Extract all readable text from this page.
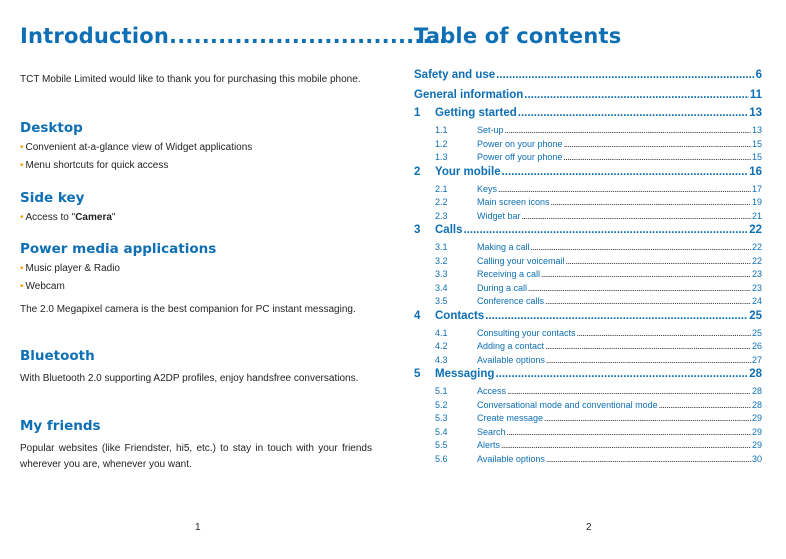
Introduction..................................

TCT Mobile Limited would like to thank you for purchasing this mobile phone.

Desktop

• Convenient at-a-glance view of Widget applications

• Menu shortcuts for quick access

Side key

• Access to "Camera"

Power media applications

• Music player & Radio

• Webcam

The 2.0 Megapixel camera is the best companion for PC instant messaging.

Bluetooth

With Bluetooth 2.0 supporting A2DP profiles, enjoy handsfree conversations.

My friends

Popular websites (like Friendster, hi5, etc.) to stay in touch with your friends wherever you are, whenever you want.

1
Table of contents
Safety and use .....	6
General information .....	11
1	Getting started .....	13
1.1	Set-up .....	13
1.2	Power on your phone .....	15
1.3	Power off your phone .....	15
2	Your mobile .....	16
2.1	Keys .....	17
2.2	Main screen icons .....	19
2.3	Widget bar .....	21
3	Calls .....	22
3.1	Making a call .....	22
3.2	Calling your voicemail .....	22
3.3	Receiving a call .....	23
3.4	During a call .....	23
3.5	Conference calls .....	24
4	Contacts .....	25
4.1	Consulting your contacts .....	25
4.2	Adding a contact .....	26
4.3	Available options .....	27
5	Messaging .....	28
5.1	Access .....	28
5.2	Conversational mode and conventional mode .....	28
5.3	Create message .....	29
5.4	Search .....	29
5.5	Alerts .....	29
5.6	Available options .....	30
2
